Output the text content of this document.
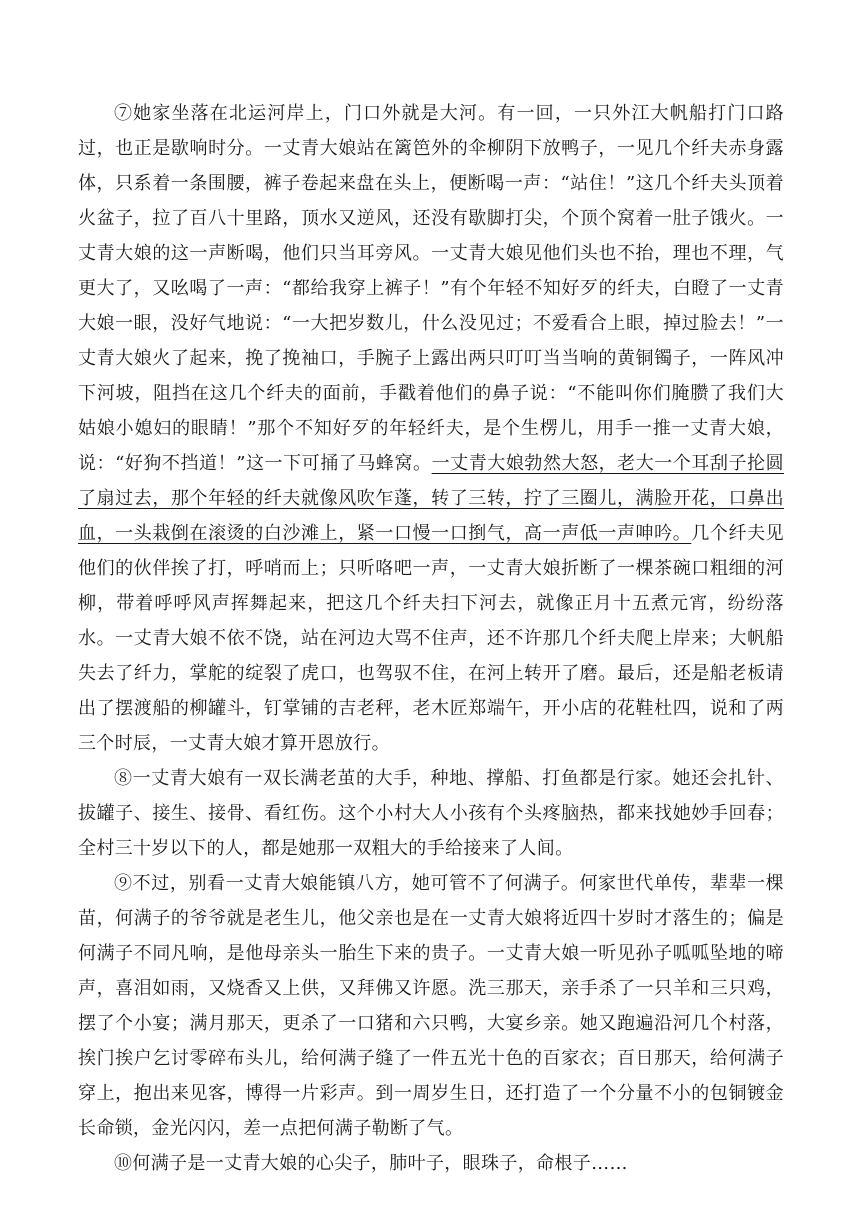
⑦她家坐落在北运河岸上，门口外就是大河。有一回，一只外江大帆船打门口路过，也正是歇响时分。一丈青大娘站在篱笆外的伞柳阴下放鸭子，一见几个纤夫赤身露体，只系着一条围腰，裤子卷起来盘在头上，便断喝一声：“站住！”这几个纤夫头顶着火盆子，拉了百八十里路，顶水又逆风，还没有歇脚打尖，个顶个窝着一肚子饿火。一丈青大娘的这一声断喝，他们只当耳旁风。一丈青大娘见他们头也不抬，理也不理，气更大了，又吆喝了一声：“都给我穿上裤子！”有个年轻不知好歹的纤夫，白瞪了一丈青大娘一眼，没好气地说：“一大把岁数儿，什么没见过；不爱看合上眼，掉过脸去！”一丈青大娘火了起来，挽了挽袖口，手腕子上露出两只叮叮当当响的黄铜镯子，一阵风冲下河坡，阻挡在这几个纤夫的面前，手戳着他们的鼻子说：“不能叫你们腌臜了我们大姑娘小媳妇的眼睛！”那个不知好歹的年轻纤夫，是个生楞儿，用手一推一丈青大娘，说：“好狗不挡道！”这一下可捅了马蜂窝。一丈青大娘勃然大怒，老大一个耳刮子抡圆了扇过去，那个年轻的纤夫就像风吹乍蓬，转了三转，拧了三圈儿，满脸开花，口鼻出血，一头栽倒在滚烫的白沙滩上，紧一口慢一口捯气，高一声低一声呻吟。几个纤夫见他们的伙伴挨了打，呼哨而上；只听咯吧一声，一丈青大娘折断了一棵茶碗口粗细的河柳，带着呼呼风声挥舞起来，把这几个纤夫扫下河去，就像正月十五煮元宵，纷纷落水。一丈青大娘不依不饶，站在河边大骂不住声，还不许那几个纤夫爬上岸来；大帆船失去了纤力，掌舵的绽裂了虎口，也驾驭不住，在河上转开了磨。最后，还是船老板请出了摆渡船的柳罐斗，钉掌铺的吉老秤，老木匠郑端午，开小店的花鞋杜四，说和了两三个时辰，一丈青大娘才算开恩放行。

⑧一丈青大娘有一双长满老茧的大手，种地、撑船、打鱼都是行家。她还会扎针、拔罐子、接生、接骨、看红伤。这个小村大人小孩有个头疼脑热，都来找她妙手回春；全村三十岁以下的人，都是她那一双粗大的手给接来了人间。

⑨不过，别看一丈青大娘能镇八方，她可管不了何满子。何家世代单传，辈辈一棵苗，何满子的爷爷就是老生儿，他父亲也是在一丈青大娘将近四十岁时才落生的；偏是何满子不同凡响，是他母亲头一胎生下来的贵子。一丈青大娘一听见孙子呱呱坠地的啼声，喜泪如雨，又烧香又上供，又拜佛又许愿。洗三那天，亲手杀了一只羊和三只鸡，摆了个小宴；满月那天，更杀了一口猪和六只鸭，大宴乡亲。她又跑遍沿河几个村落，挨门挨户乞讨零碎布头儿，给何满子缝了一件五光十色的百家衣；百日那天，给何满子穿上，抱出来见客，博得一片彩声。到一周岁生日，还打造了一个分量不小的包铜镀金长命锁，金光闪闪，差一点把何满子勒断了气。

⑩何满子是一丈青大娘的心尖子，肺叶子，眼珠子，命根子……
